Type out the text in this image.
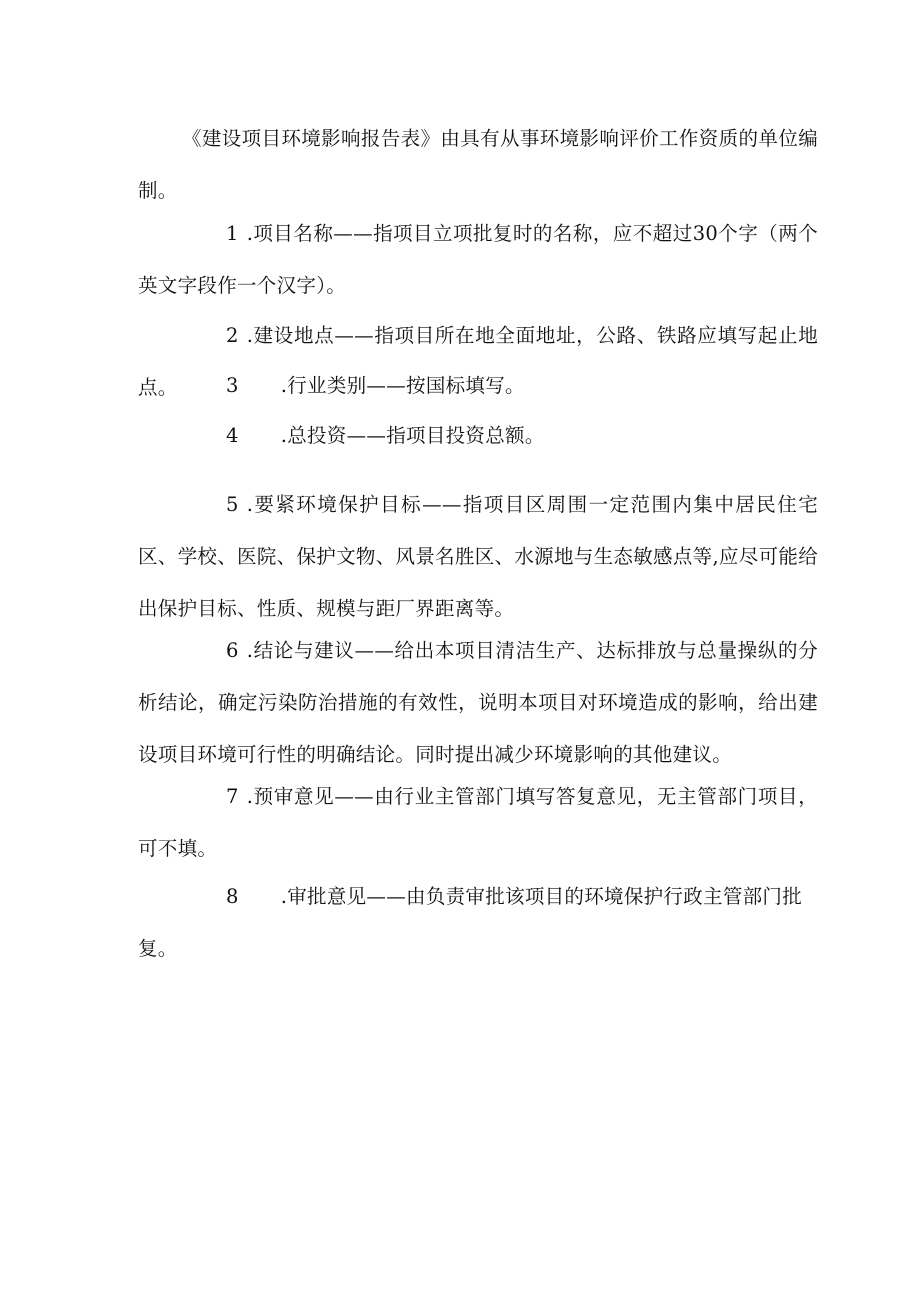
《建设项目环境影响报告表》由具有从事环境影响评价工作资质的单位编制。

1 .项目名称——指项目立项批复时的名称，应不超过30个字（两个英文字段作一个汉字）。

2 .建设地点——指项目所在地全面地址，公路、铁路应填写起止地点。	3 .行业类别——按国标填写。

4 .总投资——指项目投资总额。

5 .要紧环境保护目标——指项目区周围一定范围内集中居民住宅区、学校、医院、保护文物、风景名胜区、水源地与生态敏感点等,应尽可能给出保护目标、性质、规模与距厂界距离等。

6 .结论与建议——给出本项目清洁生产、达标排放与总量操纵的分析结论，确定污染防治措施的有效性，说明本项目对环境造成的影响，给出建设项目环境可行性的明确结论。同时提出减少环境影响的其他建议。

7 .预审意见——由行业主管部门填写答复意见，无主管部门项目，可不填。

8 .审批意见——由负责审批该项目的环境保护行政主管部门批
复。
